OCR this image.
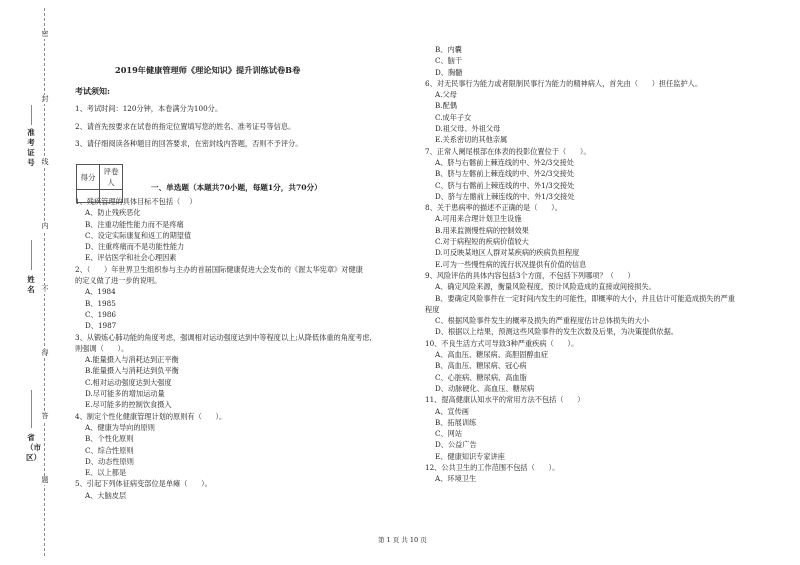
准考证号
姓名
省（市区）
密
封
线
内
不
得
答
题
2019年健康管理师《理论知识》提升训练试卷B卷

考试须知:

1、考试时间：120分钟，本卷满分为100分。

2、请首先按要求在试卷的指定位置填写您的姓名、准考证号等信息。

3、请仔细阅读各种题目的回答要求，在密封线内答题，否则不予评分。

1、残疾管理的具体目标不包括（    ）

A、防止残疾恶化

B、注重功能性能力而不是疼痛

C、设定实际康复和返工的期望值

D、注重疼痛而不是功能性能力

E、评估医学和社会心理因素

2、（      ）年世界卫生组织参与主办的首届国际健康促进大会发布的《渥太华宪章》对健康

的定义做了进一步的说明。

A、1984

B、1985

C、1986

D、1987

3、从锻炼心肺功能的角度考虑，强调相对运动强度达到中等程度以上;从降低体重的角度考虑,

则强调（      ）。

A.能量摄入与消耗达到正平衡

B.能量摄入与消耗达到负平衡

C.相对运动强度达到大强度

D.尽可能多的增加运动量

E.尽可能多的控制饮食摄入

4、制定个性化健康管理计划的原则有（      ）。

A、健康为导向的原则

B、个性化原则

C、综合性原则

D、动态性原则

E、以上都是

5、引起下列体征病变部位是单瘫（      ）。

A、大脑皮层

得分	评卷人

一、单选题（本题共70小题，每题1分，共70分）

B、内囊

C、脑干

D、胸髓

6、对无民事行为能力或者限制民事行为能力的精神病人，首先由（      ）担任监护人。

A.父母

B.配偶

C.成年子女

D.祖父母、外祖父母

E.关系密切的其他亲属

7、正常人阑尾根部在体表的投影位置位于（      ）。

A、脐与右髂前上棘连线的中、外2/3交接处

B、脐与左髂前上棘连线的中、外2/3交接处

C、脐与右髂前上棘连线的中、外1/3交接处

D、脐与左髂前上棘连线的中、外1/3交接处

8、关于患病率的描述不正确的是（      ）。

A.可用来合理计划卫生设施

B.用来监测慢性病的控制效果

C.对于病程短的疾病价值较大

D.可反映某地区人群对某疾病的疾病负担程度

E.可为一些慢性病的流行状况提供有价值的信息

9、风险评估的具体内容包括3个方面，不包括下列哪项？（      ）

A、确定风险来源，衡量风险程度，预计风险造成的直接或间接损失。

B、要确定风险事件在一定时间内发生的可能性，即概率的大小，并且估计可能造成损失的严重

程度

C、根据风险事件发生的概率及损失的严重程度估计总体损失的大小

D、根据以上结果，预测这些风险事件的发生次数及后果，为决策提供依据。

10、不良生活方式可导致3种严重疾病（      ）。

A、高血压、糖尿病、高胆固醇血症

B、高血压、糖尿病、冠心病

C、心脏病、糖尿病、高血脂

D、动脉硬化、高血压、糖尿病

11、提高健康认知水平的常用方法不包括（      ）

A、宣传画

B、拓展训练

C、网站

D、公益广告

E、健康知识专家讲座

12、公共卫生的工作范围不包括（      ）。

A、环境卫生

第 1 页 共 10 页
